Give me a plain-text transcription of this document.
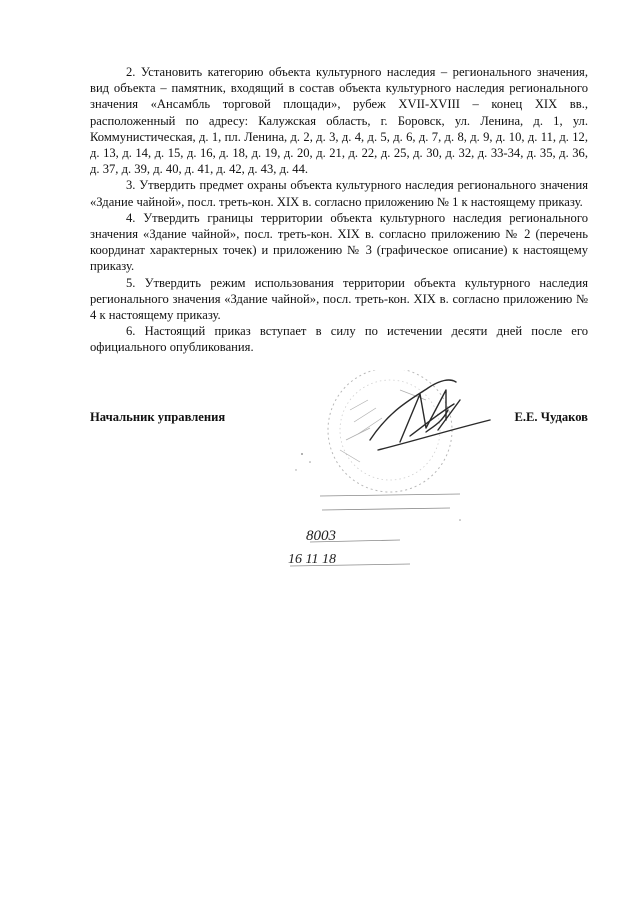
2. Установить категорию объекта культурного наследия – регионального значения, вид объекта – памятник, входящий в состав объекта культурного наследия регионального значения «Ансамбль торговой площади», рубеж XVII-XVIII – конец XIX вв., расположенный по адресу: Калужская область, г. Боровск, ул. Ленина, д. 1, ул. Коммунистическая, д. 1, пл. Ленина, д. 2, д. 3, д. 4, д. 5, д. 6, д. 7, д. 8, д. 9, д. 10, д. 11, д. 12, д. 13, д. 14, д. 15, д. 16, д. 18, д. 19, д. 20, д. 21, д. 22, д. 25, д. 30, д. 32, д. 33-34, д. 35, д. 36, д. 37, д. 39, д. 40, д. 41, д. 42, д. 43, д. 44.

3. Утвердить предмет охраны объекта культурного наследия регионального значения «Здание чайной», посл. треть-кон. XIX в. согласно приложению № 1 к настоящему приказу.

4. Утвердить границы территории объекта культурного наследия регионального значения «Здание чайной», посл. треть-кон. XIX в. согласно приложению № 2 (перечень координат характерных точек) и приложению № 3 (графическое описание) к настоящему приказу.

5. Утвердить режим использования территории объекта культурного наследия регионального значения «Здание чайной», посл. треть-кон. XIX в. согласно приложению № 4 к настоящему приказу.

6. Настоящий приказ вступает в силу по истечении десяти дней после его официального опубликования.

8003
16 11 18
Начальник управления	Е.Е. Чудаков
